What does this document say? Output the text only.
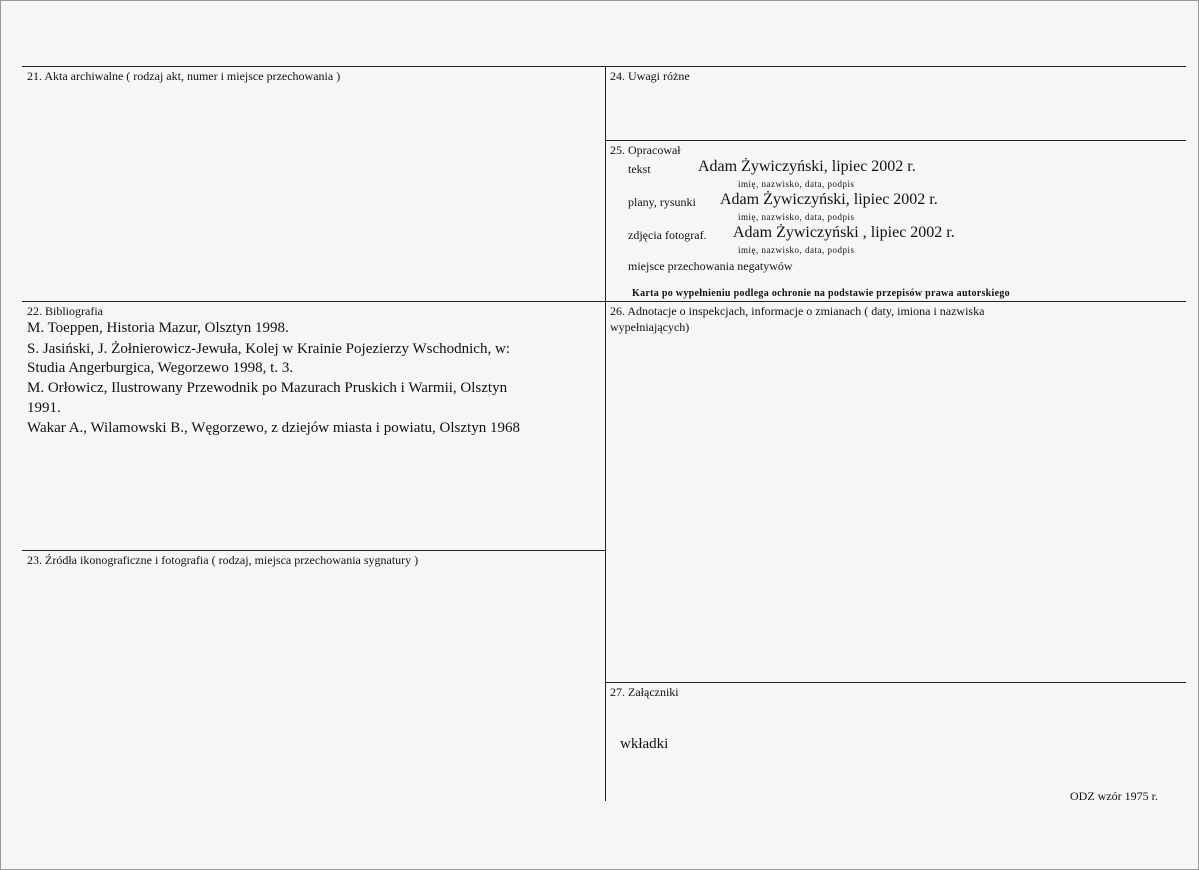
21. Akta archiwalne ( rodzaj akt, numer i miejsce przechowania )	24. Uwagi różne
25. Opracował
tekst	Adam Żywiczyński, lipiec 2002 r.
imię, nazwisko, data, podpis
plany, rysunki Adam Żywiczyński, lipiec 2002 r.
imię, nazwisko, data, podpis
zdjęcia fotograf. Adam Żywiczyński , lipiec 2002 r.
imię, nazwisko, data, podpis
miejsce przechowania negatywów
Karta po wypełnieniu podlega ochronie na podstawie przepisów prawa autorskiego
22. Bibliografia
M. Toeppen, Historia Mazur, Olsztyn 1998.
S. Jasiński, J. Żołnierowicz-Jewuła, Kolej w Krainie Pojezierzy Wschodnich, w:
Studia Angerburgica, Wegorzewo 1998, t. 3.
M. Orłowicz, Ilustrowany Przewodnik po Mazurach Pruskich i Warmii, Olsztyn
1991.
Wakar A., Wilamowski B., Węgorzewo, z dziejów miasta i powiatu, Olsztyn 1968
26. Adnotacje o inspekcjach, informacje o zmianach ( daty, imiona i nazwiska
wypełniających)
23. Źródła ikonograficzne i fotografia ( rodzaj, miejsca przechowania sygnatury )
27. Załączniki
wkładki
ODZ wzór 1975 r.
